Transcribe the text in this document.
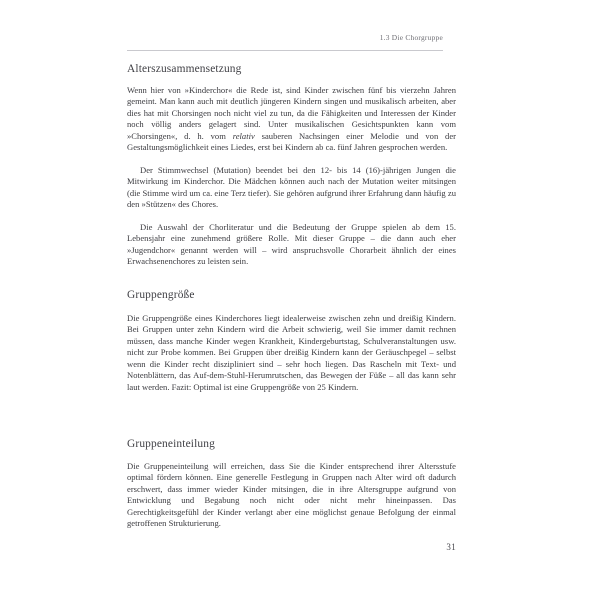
1.3 Die Chorgruppe
Alterszusammensetzung

Wenn hier von »Kinderchor« die Rede ist, sind Kinder zwischen fünf bis vierzehn Jahren gemeint. Man kann auch mit deutlich jüngeren Kindern singen und musikalisch arbeiten, aber dies hat mit Chorsingen noch nicht viel zu tun, da die Fähigkeiten und Interessen der Kinder noch völlig anders gelagert sind. Unter musikalischen Gesichtspunkten kann vom »Chorsingen«, d. h. vom relativ sauberen Nachsingen einer Melodie und von der Gestaltungsmöglichkeit eines Liedes, erst bei Kindern ab ca. fünf Jahren gesprochen werden.

Der Stimmwechsel (Mutation) beendet bei den 12- bis 14 (16)-jährigen Jungen die Mitwirkung im Kinderchor. Die Mädchen können auch nach der Mutation weiter mitsingen (die Stimme wird um ca. eine Terz tiefer). Sie gehören aufgrund ihrer Erfahrung dann häufig zu den »Stützen« des Chores.

Die Auswahl der Chorliteratur und die Bedeutung der Gruppe spielen ab dem 15. Lebensjahr eine zunehmend größere Rolle. Mit dieser Gruppe – die dann auch eher »Jugendchor« genannt werden will – wird anspruchsvolle Chorarbeit ähnlich der eines Erwachsenenchores zu leisten sein.

Gruppengröße

Die Gruppengröße eines Kinderchores liegt idealerweise zwischen zehn und dreißig Kindern. Bei Gruppen unter zehn Kindern wird die Arbeit schwierig, weil Sie immer damit rechnen müssen, dass manche Kinder wegen Krankheit, Kindergeburtstag, Schulveranstaltungen usw. nicht zur Probe kommen. Bei Gruppen über dreißig Kindern kann der Geräuschpegel – selbst wenn die Kinder recht diszipliniert sind – sehr hoch liegen. Das Rascheln mit Text- und Notenblättern, das Auf-dem-Stuhl-Herumrutschen, das Bewegen der Füße – all das kann sehr laut werden. Fazit: Optimal ist eine Gruppengröße von 25 Kindern.

Gruppeneinteilung

Die Gruppeneinteilung will erreichen, dass Sie die Kinder entsprechend ihrer Altersstufe optimal fördern können. Eine generelle Festlegung in Gruppen nach Alter wird oft dadurch erschwert, dass immer wieder Kinder mitsingen, die in ihre Altersgruppe aufgrund von Entwicklung und Begabung noch nicht oder nicht mehr hineinpassen. Das Gerechtigkeitsgefühl der Kinder verlangt aber eine möglichst genaue Befolgung der einmal getroffenen Strukturierung.

31
